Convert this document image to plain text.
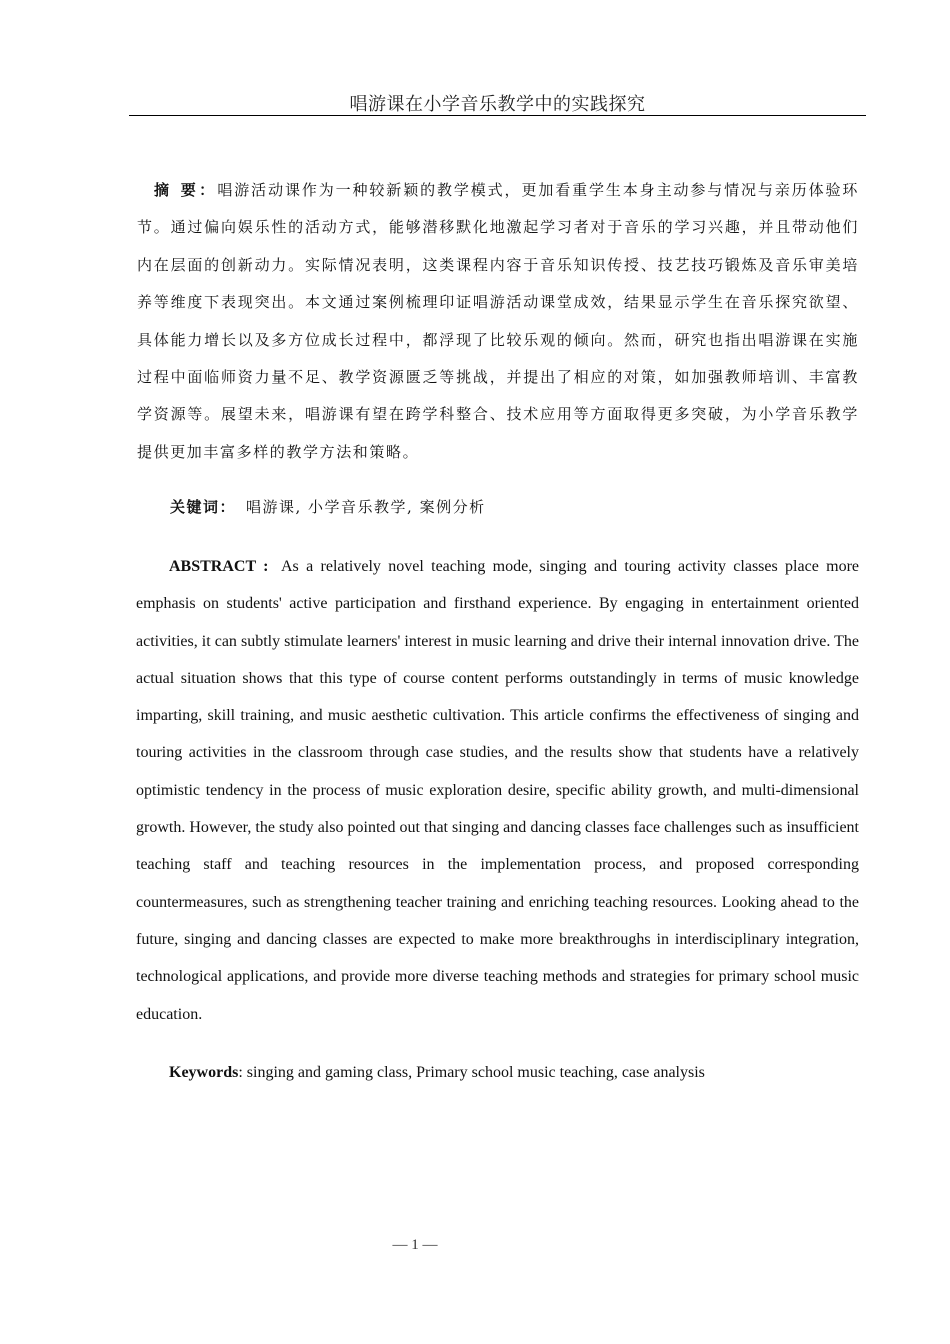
唱游课在小学音乐教学中的实践探究

摘 要：唱游活动课作为一种较新颖的教学模式，更加看重学生本身主动参与情况与亲历体验环节。通过偏向娱乐性的活动方式，能够潜移默化地激起学习者对于音乐的学习兴趣，并且带动他们内在层面的创新动力。实际情况表明，这类课程内容于音乐知识传授、技艺技巧锻炼及音乐审美培养等维度下表现突出。本文通过案例梳理印证唱游活动课堂成效，结果显示学生在音乐探究欲望、具体能力增长以及多方位成长过程中，都浮现了比较乐观的倾向。然而，研究也指出唱游课在实施过程中面临师资力量不足、教学资源匮乏等挑战，并提出了相应的对策，如加强教师培训、丰富教学资源等。展望未来，唱游课有望在跨学科整合、技术应用等方面取得更多突破，为小学音乐教学提供更加丰富多样的教学方法和策略。

关键词： 唱游课, 小学音乐教学, 案例分析

ABSTRACT : As a relatively novel teaching mode, singing and touring activity classes place more emphasis on students' active participation and firsthand experience. By engaging in entertainment oriented activities, it can subtly stimulate learners' interest in music learning and drive their internal innovation drive. The actual situation shows that this type of course content performs outstandingly in terms of music knowledge imparting, skill training, and music aesthetic cultivation. This article confirms the effectiveness of singing and touring activities in the classroom through case studies, and the results show that students have a relatively optimistic tendency in the process of music exploration desire, specific ability growth, and multi-dimensional growth. However, the study also pointed out that singing and dancing classes face challenges such as insufficient teaching staff and teaching resources in the implementation process, and proposed corresponding countermeasures, such as strengthening teacher training and enriching teaching resources. Looking ahead to the future, singing and dancing classes are expected to make more breakthroughs in interdisciplinary integration, technological applications, and provide more diverse teaching methods and strategies for primary school music education.

Keywords: singing and gaming class, Primary school music teaching, case analysis
— 1 —
